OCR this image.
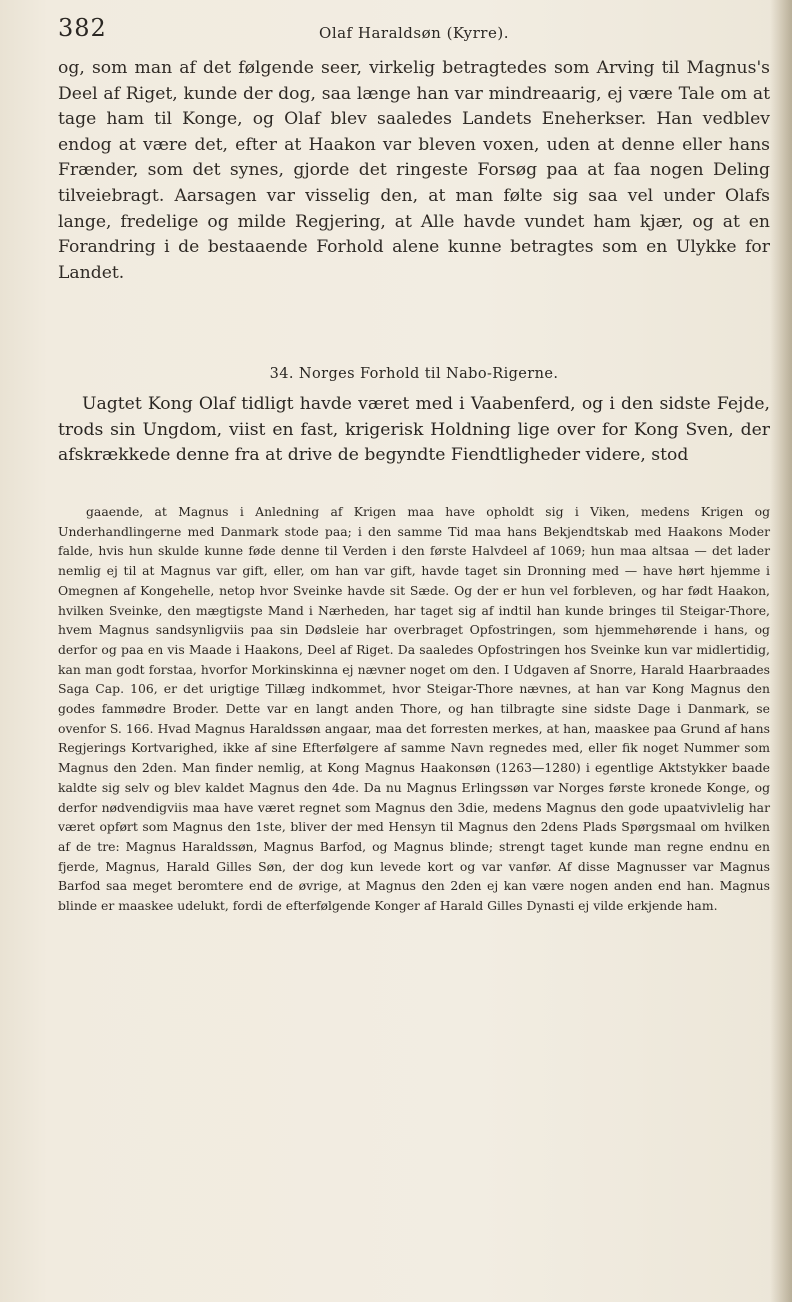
382	Olaf Haraldsøn (Kyrre).

og, som man af det følgende seer, virkelig betragtedes som Arving til Magnus's Deel af Riget, kunde der dog, saa længe han var mindreaarig, ej være Tale om at tage ham til Konge, og Olaf blev saaledes Landets Eneherkser. Han vedblev endog at være det, efter at Haakon var bleven voxen, uden at denne eller hans Frænder, som det synes, gjorde det ringeste Forsøg paa at faa nogen Deling tilveiebragt. Aarsagen var visselig den, at man følte sig saa vel under Olafs lange, fredelige og milde Regjering, at Alle havde vundet ham kjær, og at en Forandring i de bestaaende Forhold alene kunne betragtes som en Ulykke for Landet.

34. Norges Forhold til Nabo-Rigerne.

Uagtet Kong Olaf tidligt havde været med i Vaabenferd, og i den sidste Fejde, trods sin Ungdom, viist en fast, krigerisk Holdning lige over for Kong Sven, der afskrækkede denne fra at drive de begyndte Fiendtligheder videre, stod

gaaende, at Magnus i Anledning af Krigen maa have opholdt sig i Viken, medens Krigen og Underhandlingerne med Danmark stode paa; i den samme Tid maa hans Bekjendtskab med Haakons Moder falde, hvis hun skulde kunne føde denne til Verden i den første Halvdeel af 1069; hun maa altsaa — det lader nemlig ej til at Magnus var gift, eller, om han var gift, havde taget sin Dronning med — have hørt hjemme i Omegnen af Kongehelle, netop hvor Sveinke havde sit Sæde. Og der er hun vel forbleven, og har født Haakon, hvilken Sveinke, den mægtigste Mand i Nærheden, har taget sig af indtil han kunde bringes til Steigar-Thore, hvem Magnus sandsynligviis paa sin Dødsleie har overbraget Opfostringen, som hjemmehørende i hans, og derfor og paa en vis Maade i Haakons, Deel af Riget. Da saaledes Opfostringen hos Sveinke kun var midlertidig, kan man godt forstaa, hvorfor Morkinskinna ej nævner noget om den. I Udgaven af Snorre, Harald Haarbraades Saga Cap. 106, er det urigtige Tillæg indkommet, hvor Steigar-Thore nævnes, at han var Kong Magnus den godes fammødre Broder. Dette var en langt anden Thore, og han tilbragte sine sidste Dage i Danmark, se ovenfor S. 166. Hvad Magnus Haraldssøn angaar, maa det forresten merkes, at han, maaskee paa Grund af hans Regjerings Kortvarighed, ikke af sine Efterfølgere af samme Navn regnedes med, eller fik noget Nummer som Magnus den 2den. Man finder nemlig, at Kong Magnus Haakonsøn (1263—1280) i egentlige Aktstykker baade kaldte sig selv og blev kaldet Magnus den 4de. Da nu Magnus Erlingssøn var Norges første kronede Konge, og derfor nødvendigviis maa have været regnet som Magnus den 3die, medens Magnus den gode upaatvivlelig har været opført som Magnus den 1ste, bliver der med Hensyn til Magnus den 2dens Plads Spørgsmaal om hvilken af de tre: Magnus Haraldssøn, Magnus Barfod, og Magnus blinde; strengt taget kunde man regne endnu en fjerde, Magnus, Harald Gilles Søn, der dog kun levede kort og var vanfør. Af disse Magnusser var Magnus Barfod saa meget beromtere end de øvrige, at Magnus den 2den ej kan være nogen anden end han. Magnus blinde er maaskee udelukt, fordi de efterfølgende Konger af Harald Gilles Dynasti ej vilde erkjende ham.
